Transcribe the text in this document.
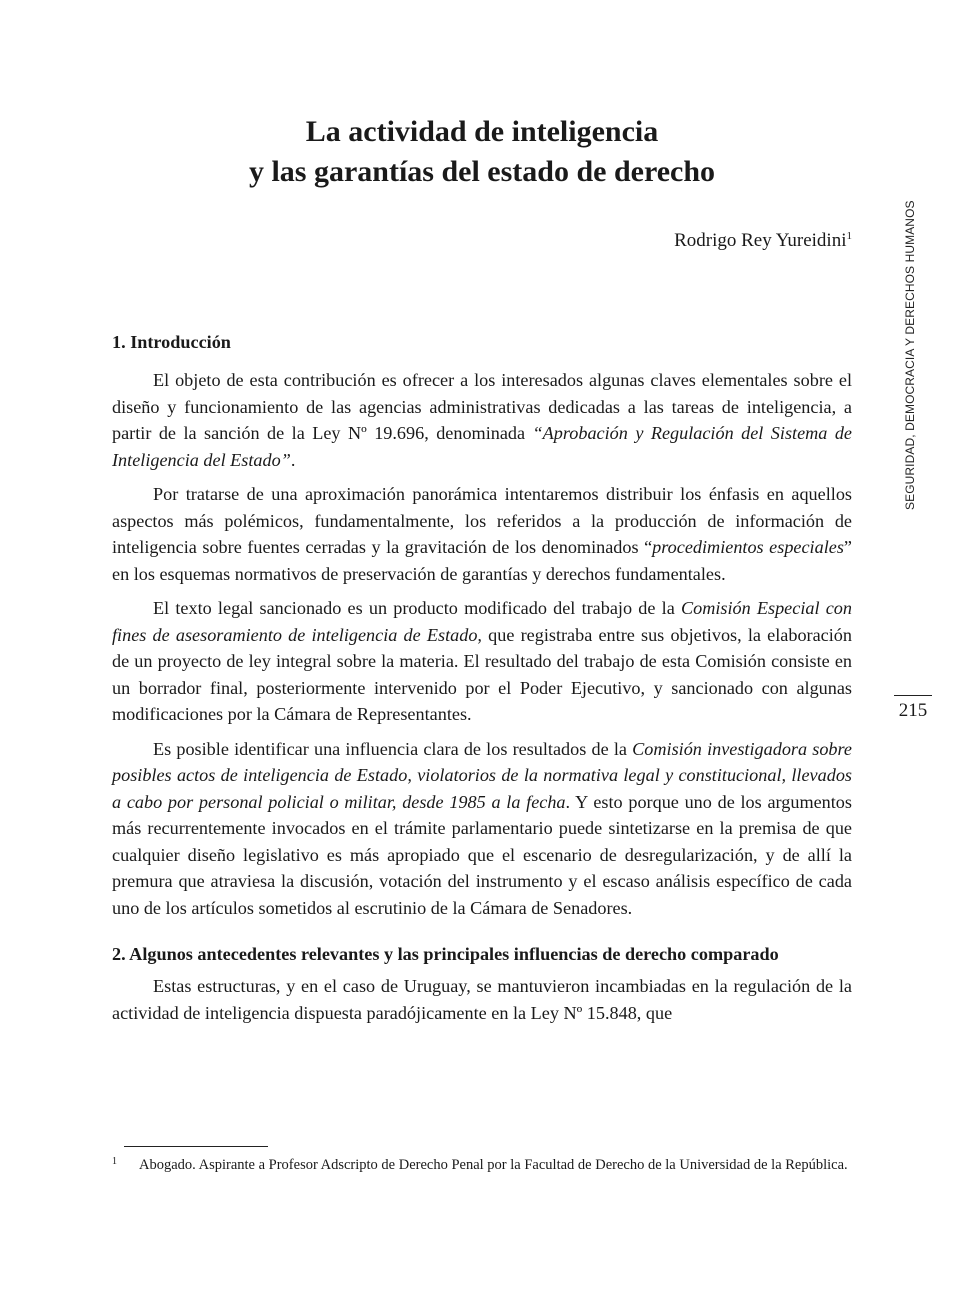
La actividad de inteligencia
y las garantías del estado de derecho
Rodrigo Rey Yureidini$^1$
1. Introducción

El objeto de esta contribución es ofrecer a los interesados algunas claves elementales sobre el diseño y funcionamiento de las agencias administrativas dedicadas a las tareas de inteligencia, a partir de la sanción de la Ley Nº 19.696, denominada “Aprobación y Regulación del Sistema de Inteligencia del Estado”.

Por tratarse de una aproximación panorámica intentaremos distribuir los énfasis en aquellos aspectos más polémicos, fundamentalmente, los referidos a la producción de información de inteligencia sobre fuentes cerradas y la gravitación de los denominados “procedimientos especiales” en los esquemas normativos de preservación de garantías y derechos fundamentales.

El texto legal sancionado es un producto modificado del trabajo de la Comisión Especial con fines de asesoramiento de inteligencia de Estado, que registraba entre sus objetivos, la elaboración de un proyecto de ley integral sobre la materia. El resultado del trabajo de esta Comisión consiste en un borrador final, posteriormente intervenido por el Poder Ejecutivo, y sancionado con algunas modificaciones por la Cámara de Representantes.

Es posible identificar una influencia clara de los resultados de la Comisión investigadora sobre posibles actos de inteligencia de Estado, violatorios de la normativa legal y constitucional, llevados a cabo por personal policial o militar, desde 1985 a la fecha. Y esto porque uno de los argumentos más recurrentemente invocados en el trámite parlamentario puede sintetizarse en la premisa de que cualquier diseño legislativo es más apropiado que el escenario de desregularización, y de allí la premura que atraviesa la discusión, votación del instrumento y el escaso análisis específico de cada uno de los artículos sometidos al escrutinio de la Cámara de Senadores.

2. Algunos antecedentes relevantes y las principales influencias de derecho comparado

Estas estructuras, y en el caso de Uruguay, se mantuvieron incambiadas en la regulación de la actividad de inteligencia dispuesta paradójicamente en la Ley Nº 15.848, que

SEGURIDAD, DEMOCRACIA Y DERECHOS HUMANOS
215
$^1$ Abogado. Aspirante a Profesor Adscripto de Derecho Penal por la Facultad de Derecho de la Universidad de la República.
